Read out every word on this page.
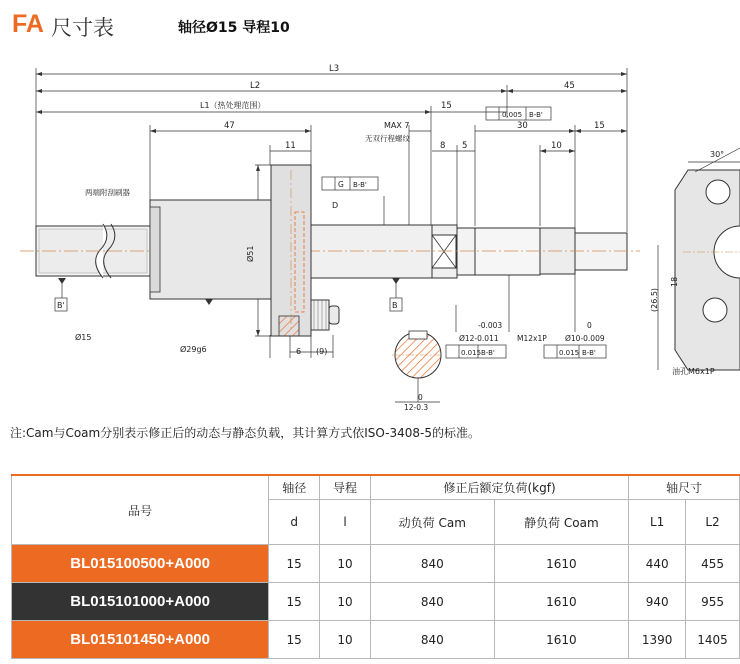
FA 尺寸表	轴径Ø15 导程10
L3
L2	45
L1（热处理范围）	15
47
11
MAX 7
无双行程螺纹
8 5
30	15
10
0.005 B-B'
G B-B'
两端附刮刷器
D
Ø51
Ø15
Ø29g6	6 (9)
B'	B
-0.003
Ø12-0.011 M12x1P
0
Ø10-0.009
0.015 B-B'	0.015 B-B'
0
12-0.3
30°
18
(26.5)
油孔M6x1P
注:Cam与Coam分别表示修正后的动态与静态负载，其计算方式依ISO-3408-5的标准。
品号	轴径	导程	修正后额定负荷(kgf)		轴尺寸	
	d	l	动负荷 Cam	静负荷 Coam	L1	L2
BL015100500+A000	15	10	840	1610	440	455
BL015101000+A000	15	10	840	1610	940	955
BL015101450+A000	15	10	840	1610	1390	1405
